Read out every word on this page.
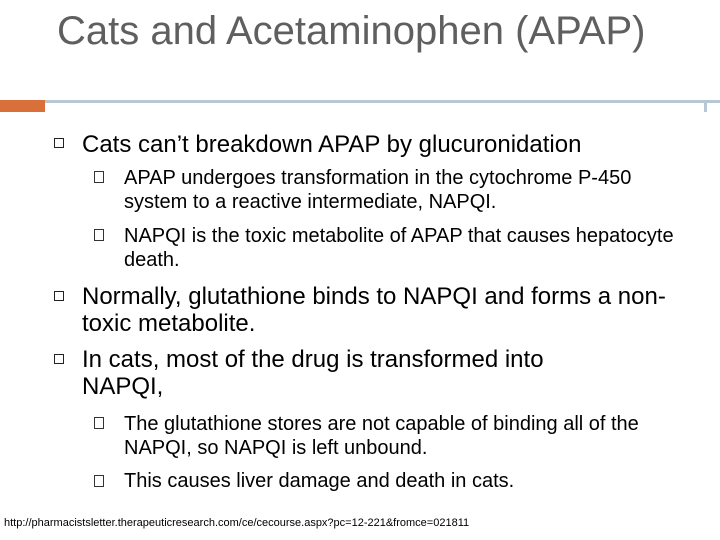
Cats and Acetaminophen (APAP)
Cats can’t breakdown APAP by glucuronidation
APAP undergoes transformation in the cytochrome P-450 system to a reactive intermediate, NAPQI.
NAPQI is the toxic metabolite of APAP that causes hepatocyte death.
Normally, glutathione binds to NAPQI and forms a non-toxic metabolite.
In cats, most of the drug is transformed into NAPQI,
The glutathione stores are not capable of binding all of the NAPQI, so NAPQI is left unbound.
This causes liver damage and death in cats.
http://pharmacistsletter.therapeuticresearch.com/ce/cecourse.aspx?pc=12-221&fromce=021811
